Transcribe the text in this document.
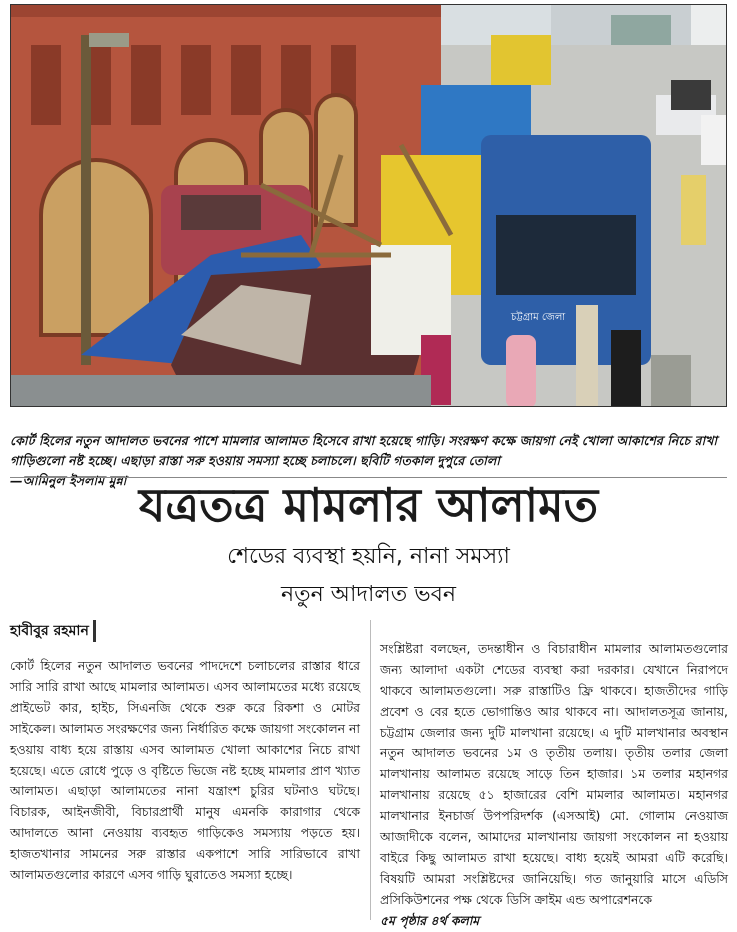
চট্টগ্রাম জেলা

কোর্ট হিলের নতুন আদালত ভবনের পাশে মামলার আলামত হিসেবে রাখা হয়েছে গাড়ি। সংরক্ষণ কক্ষে জায়গা নেই খোলা আকাশের নিচে রাখা গাড়িগুলো নষ্ট হচ্ছে। এছাড়া রাস্তা সরু হওয়ায় সমস্যা হচ্ছে চলাচলে। ছবিটি গতকাল দুপুরে তোলা

—আমিনুল ইসলাম মুন্না যত্রতত্র মামলার আলামত
শেডের ব্যবস্থা হয়নি, নানা সমস্যা
নতুন আদালত ভবন
হাবীবুর রহমান
কোর্ট হিলের নতুন আদালত ভবনের পাদদেশে চলাচলের রাস্তার ধারে সারি সারি রাখা আছে মামলার আলামত। এসব আলামতের মধ্যে রয়েছে প্রাইভেট কার, হাইচ, সিএনজি থেকে শুরু করে রিকশা ও মোটর সাইকেল। আলামত সংরক্ষণের জন্য নির্ধারিত কক্ষে জায়গা সংকোলন না হওয়ায় বাধ্য হয়ে রাস্তায় এসব আলামত খোলা আকাশের নিচে রাখা হয়েছে। এতে রোধে পুড়ে ও বৃষ্টিতে ভিজে নষ্ট হচ্ছে মামলার প্রাণ খ্যাত আলামত। এছাড়া আলামতের নানা যন্ত্রাংশ চুরির ঘটনাও ঘটছে। বিচারক, আইনজীবী, বিচারপ্রার্থী মানুষ এমনকি কারাগার থেকে আদালতে আনা নেওয়ায় ব্যবহৃত গাড়িকেও সমস্যায় পড়তে হয়। হাজতখানার সামনের সরু রাস্তার একপাশে সারি সারিভাবে রাখা আলামতগুলোর কারণে এসব গাড়ি ঘুরাতেও সমস্যা হচ্ছে।

সংশ্লিষ্টরা বলছেন, তদন্তাধীন ও বিচারাধীন মামলার আলামতগুলোর জন্য আলাদা একটা শেডের ব্যবস্থা করা দরকার। যেখানে নিরাপদে থাকবে আলামতগুলো। সরু রাস্তাটিও ফ্রি থাকবে। হাজতীদের গাড়ি প্রবেশ ও বের হতে ভোগান্তিও আর থাকবে না। আদালতসূত্র জানায়, চট্টগ্রাম জেলার জন্য দুটি মালখানা রয়েছে। এ দুটি মালখানার অবস্থান নতুন আদালত ভবনের ১ম ও তৃতীয় তলায়। তৃতীয় তলার জেলা মালখানায় আলামত রয়েছে সাড়ে তিন হাজার। ১ম তলার মহানগর মালখানায় রয়েছে ৫১ হাজারের বেশি মামলার আলামত। মহানগর মালখানার ইনচার্জ উপপরিদর্শক (এসআই) মো. গোলাম নেওয়াজ আজাদীকে বলেন, আমাদের মালখানায় জায়গা সংকোলন না হওয়ায় বাইরে কিছু আলামত রাখা হয়েছে। বাধ্য হয়েই আমরা এটি করেছি। বিষয়টি আমরা সংশ্লিষ্টদের জানিয়েছি। গত জানুয়ারি মাসে এডিসি প্রসিকিউশনের পক্ষ থেকে ডিসি ক্রাইম এন্ড অপারেশনকে
৫ম পৃষ্ঠার ৪র্থ কলাম
